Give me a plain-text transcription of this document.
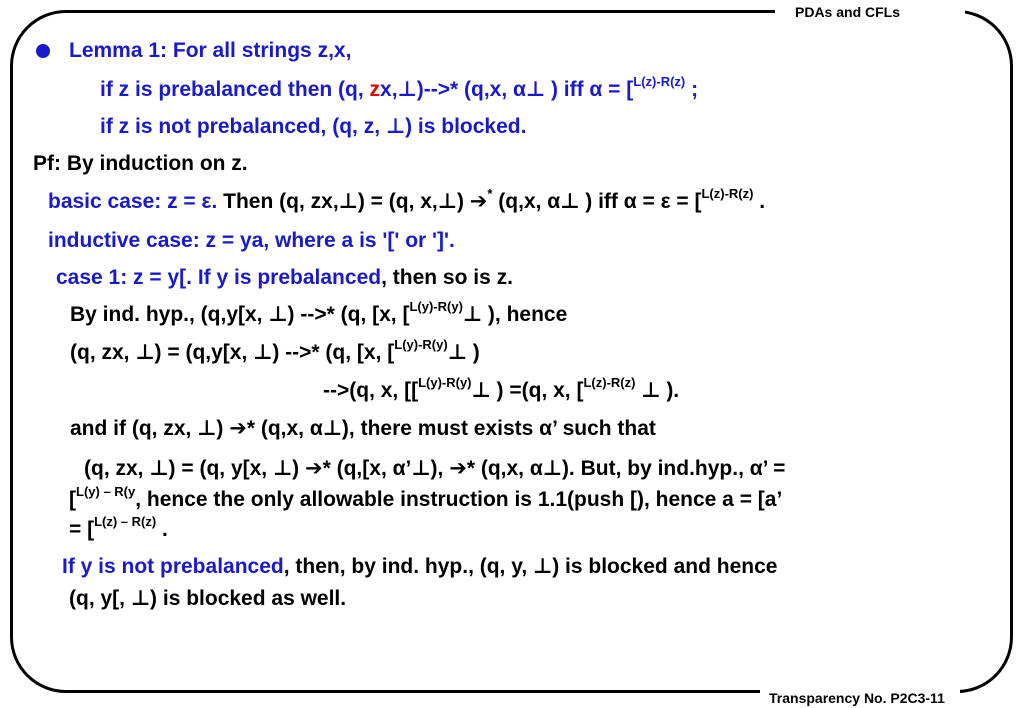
PDAs and CFLs
Transparency No. P2C3-11
Lemma 1: For all strings z,x,
if z is prebalanced then (q, zx,⊥)-->* (q,x, α⊥ ) iff α = [$^{L(z)-R(z)}$ ;
if z is not prebalanced, (q, z, ⊥) is blocked.
Pf: By induction on z.
basic case: z = ε. Then (q, zx,⊥) = (q, x,⊥) ➔* (q,x, α⊥ ) iff α = ε = [$^{L(z)-R(z)}$ .
inductive case: z = ya, where a is '[' or ']'.
case 1: z = y[. If y is prebalanced, then so is z.
By ind. hyp., (q,y[x, ⊥) -->* (q, [x, [$^{L(y)-R(y)}$⊥ ), hence
(q, zx, ⊥) = (q,y[x, ⊥) -->* (q, [x, [$^{L(y)-R(y)}$⊥ )
-->(q, x, [[$^{L(y)-R(y)}$⊥ ) =(q, x, [$^{L(z)-R(z)}$ ⊥ ).
and if (q, zx, ⊥) ➔* (q,x, α⊥), there must exists α’ such that
(q, zx, ⊥) = (q, y[x, ⊥) ➔* (q,[x, α’⊥), ➔* (q,x, α⊥). But, by ind.hyp., α’ =
[$^{L(y) - R(y}$, hence the only allowable instruction is 1.1(push [), hence a = [a’
= [$^{L(z) - R(z)}$ .
If y is not prebalanced, then, by ind. hyp., (q, y, ⊥) is blocked and hence
(q, y[, ⊥) is blocked as well.
